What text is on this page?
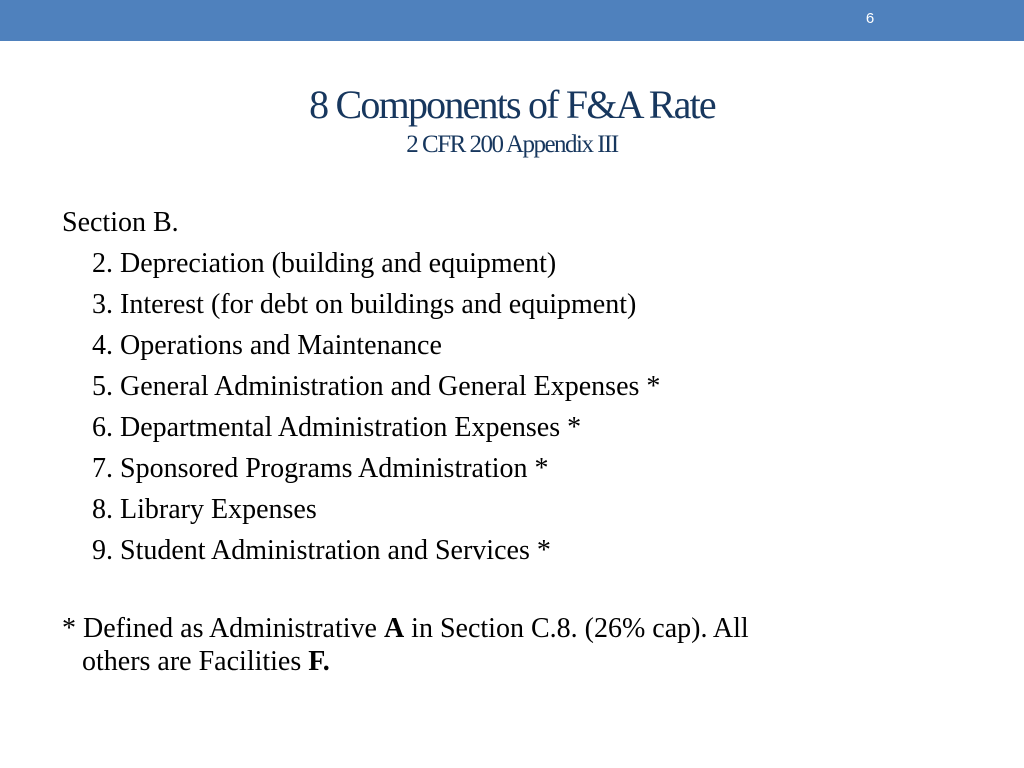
6
8 Components of F&A Rate
2 CFR 200 Appendix III
Section B.
2. Depreciation (building and equipment)
3. Interest (for debt on buildings and equipment)
4. Operations and Maintenance
5. General Administration and General Expenses *
6. Departmental Administration Expenses *
7. Sponsored Programs Administration *
8. Library Expenses
9. Student Administration and Services *
* Defined as Administrative A in Section C.8. (26% cap). All
others are Facilities F.
